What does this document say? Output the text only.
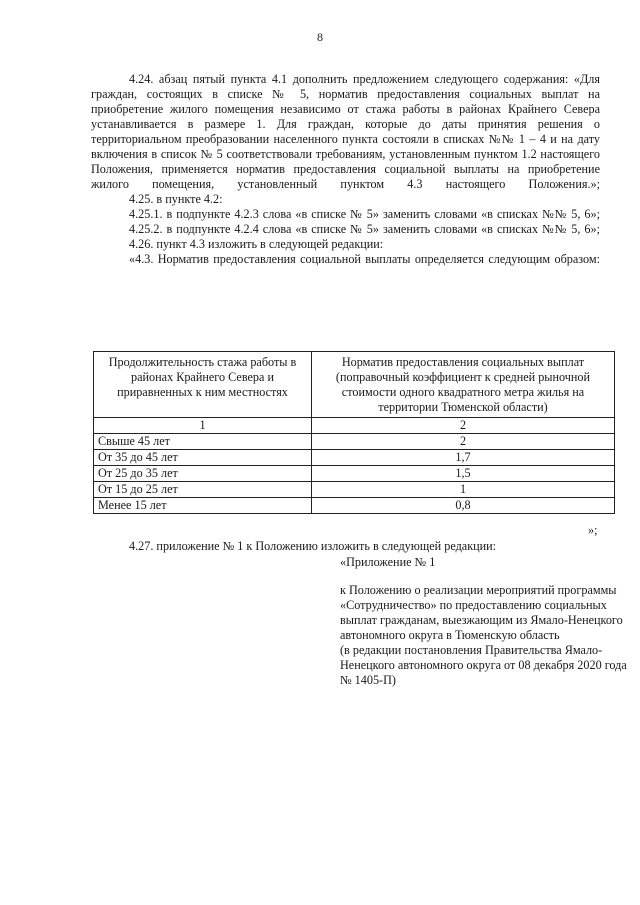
8

4.24. абзац пятый пункта 4.1 дополнить предложением следующего содержания: «Для граждан, состоящих в списке № 5, норматив предоставления социальных выплат на приобретение жилого помещения независимо от стажа работы в районах Крайнего Севера устанавливается в размере 1. Для граждан, которые до даты принятия решения о территориальном преобразовании населенного пункта состояли в списках №№ 1 – 4 и на дату включения в список № 5 соответствовали требованиям, установленным пунктом 1.2 настоящего Положения, применяется норматив предоставления социальной выплаты на приобретение жилого помещения, установленный пунктом 4.3 настоящего Положения.»;

4.25. в пункте 4.2:

4.25.1. в подпункте 4.2.3 слова «в списке № 5» заменить словами «в списках №№ 5, 6»;

4.25.2. в подпункте 4.2.4 слова «в списке № 5» заменить словами «в списках №№ 5, 6»;

4.26. пункт 4.3 изложить в следующей редакции:

«4.3. Норматив предоставления социальной выплаты определяется следующим образом:

Продолжительность стажа работы в районах Крайнего Севера и приравненных к ним местностях	Норматив предоставления социальных выплат (поправочный коэффициент к средней рыночной стоимости одного квадратного метра жилья на территории Тюменской области)
1	2
Свыше 45 лет	2
От 35 до 45 лет	1,7
От 25 до 35 лет	1,5
От 15 до 25 лет	1
Менее 15 лет	0,8
»;
4.27. приложение № 1 к Положению изложить в следующей редакции:
«Приложение № 1

к Положению о реализации мероприятий программы «Сотрудничество» по предоставлению социальных выплат гражданам, выезжающим из Ямало-Ненецкого автономного округа в Тюменскую область

(в редакции постановления Правительства Ямало-Ненецкого автономного округа от 08 декабря 2020 года № 1405-П)
